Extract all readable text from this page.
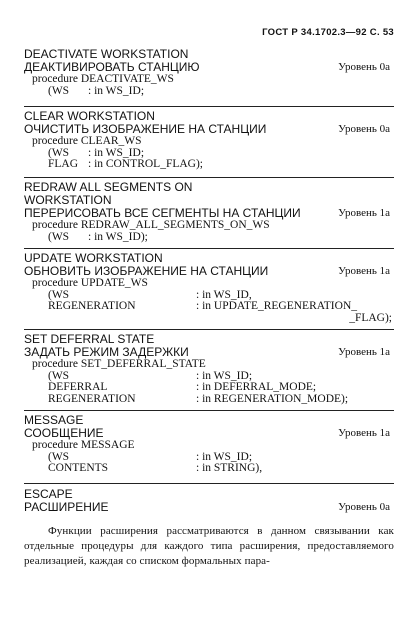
ГОСТ Р 34.1702.3—92 С. 53
DEACTIVATE WORKSTATION
ДЕАКТИВИРОВАТЬ СТАНЦИЮ	Уровень 0а
procedure DEACTIVATE_WS
(WS	: in WS_ID;
CLEAR WORKSTATION
ОЧИСТИТЬ ИЗОБРАЖЕНИЕ НА СТАНЦИИ	Уровень 0а
procedure CLEAR_WS
(WS	: in WS_ID;
FLAG : in CONTROL_FLAG);
REDRAW ALL SEGMENTS ON
WORKSTATION
ПЕРЕРИСОВАТЬ ВСЕ СЕГМЕНТЫ НА СТАНЦИИ	Уровень 1а
procedure REDRAW_ALL_SEGMENTS_ON_WS
(WS	: in WS_ID);
UPDATE WORKSTATION
ОБНОВИТЬ ИЗОБРАЖЕНИЕ НА СТАНЦИИ	Уровень 1а
procedure UPDATE_WS
(WS	: in WS_ID,
REGENERATION	: in UPDATE_REGENERATION_
_FLAG);
SET DEFERRAL STATE
ЗАДАТЬ РЕЖИМ ЗАДЕРЖКИ	Уровень 1а
procedure SET_DEFERRAL_STATE
(WS	: in WS_ID;
DEFERRAL	: in DEFERRAL_MODE;
REGENERATION	: in REGENERATION_MODE);
MESSAGE
СООБЩЕНИЕ	Уровень 1а
procedure MESSAGE
(WS	: in WS_ID;
CONTENTS	: in STRING),
ESCAPE
РАСШИРЕНИЕ	Уровень 0а
Функции расширения рассматриваются в данном связывании как отдельные процедуры для каждого типа расширения, предоставляемого реализацией, каждая со списком формальных пара-
